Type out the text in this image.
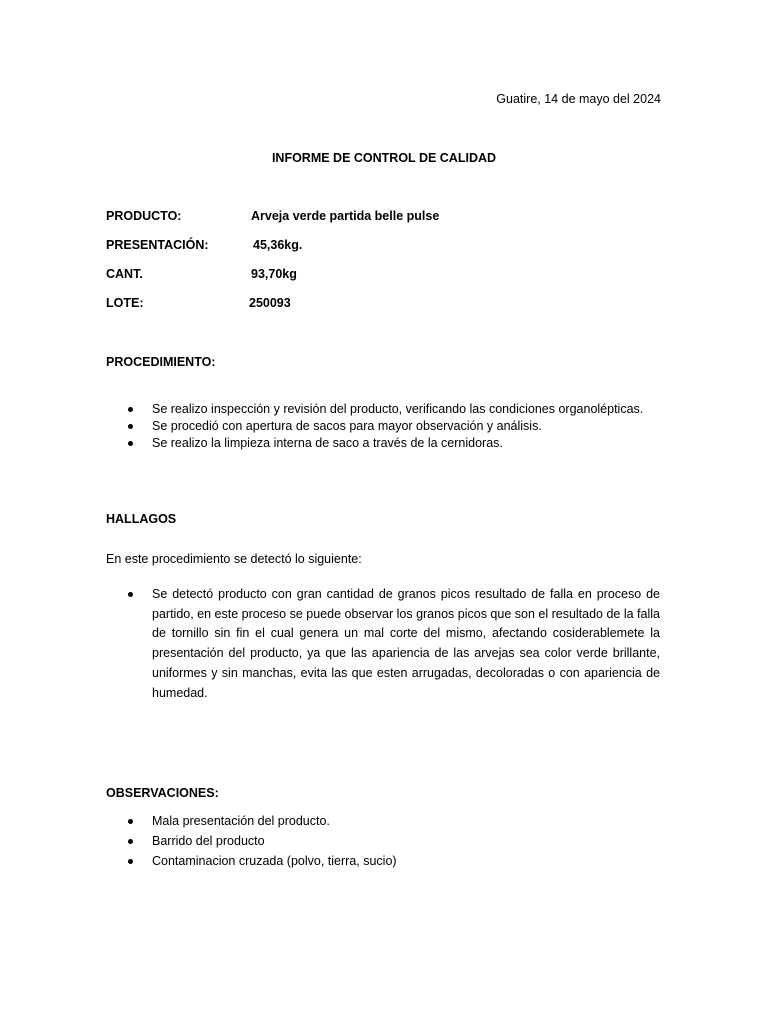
Guatire, 14 de mayo del 2024
INFORME DE CONTROL DE CALIDAD
PRODUCTO:	Arveja verde partida belle pulse
PRESENTACIÓN:	45,36kg.
CANT.	93,70kg
LOTE:	250093
PROCEDIMIENTO:
Se realizo inspección y revisión del producto, verificando las condiciones organolépticas.
Se procedió con apertura de sacos para mayor observación y análisis.
Se realizo la limpieza interna de saco a través de la cernidoras.
HALLAGOS
En este procedimiento se detectó lo siguiente:
Se detectó producto con gran cantidad de granos picos resultado de falla en proceso de partido, en este proceso se puede observar los granos picos que son el resultado de la falla de tornillo sin fin el cual genera un mal corte del mismo, afectando cosiderablemete la presentación del producto, ya que las apariencia de las arvejas sea color verde brillante, uniformes y sin manchas, evita las que esten arrugadas, decoloradas o con apariencia de humedad.
OBSERVACIONES:
Mala presentación del producto.
Barrido del producto
Contaminacion cruzada (polvo, tierra, sucio)
